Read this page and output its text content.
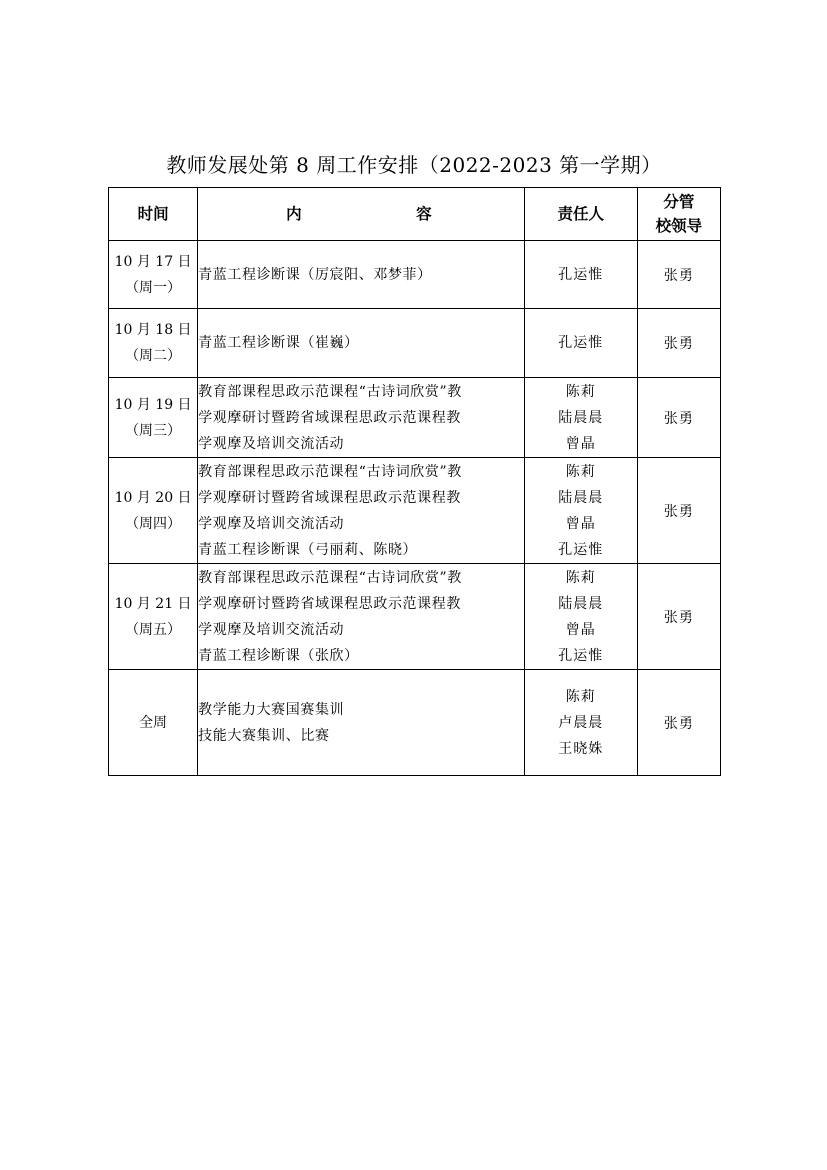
教师发展处第 8 周工作安排（2022-2023 第一学期）
时间	内 容	责任人	分管
校领导

10 月 17 日
（周一）	青蓝工程诊断课（厉宸阳、邓梦菲）	孔运惟	张勇

10 月 18 日
（周二）	青蓝工程诊断课（崔巍）	孔运惟	张勇

10 月 19 日
（周三）	教育部课程思政示范课程“古诗词欣赏”教
学观摩研讨暨跨省域课程思政示范课程教
学观摩及培训交流活动	陈莉
陆晨晨
曾晶	张勇

10 月 20 日
（周四）	教育部课程思政示范课程“古诗词欣赏”教
学观摩研讨暨跨省域课程思政示范课程教
学观摩及培训交流活动
青蓝工程诊断课（弓丽莉、陈晓）	陈莉
陆晨晨
曾晶
孔运惟	张勇

10 月 21 日
（周五）	教育部课程思政示范课程“古诗词欣赏”教
学观摩研讨暨跨省域课程思政示范课程教
学观摩及培训交流活动
青蓝工程诊断课（张欣）	陈莉
陆晨晨
曾晶
孔运惟	张勇

全周	教学能力大赛国赛集训
技能大赛集训、比赛	陈莉
卢晨晨
王晓姝	张勇
